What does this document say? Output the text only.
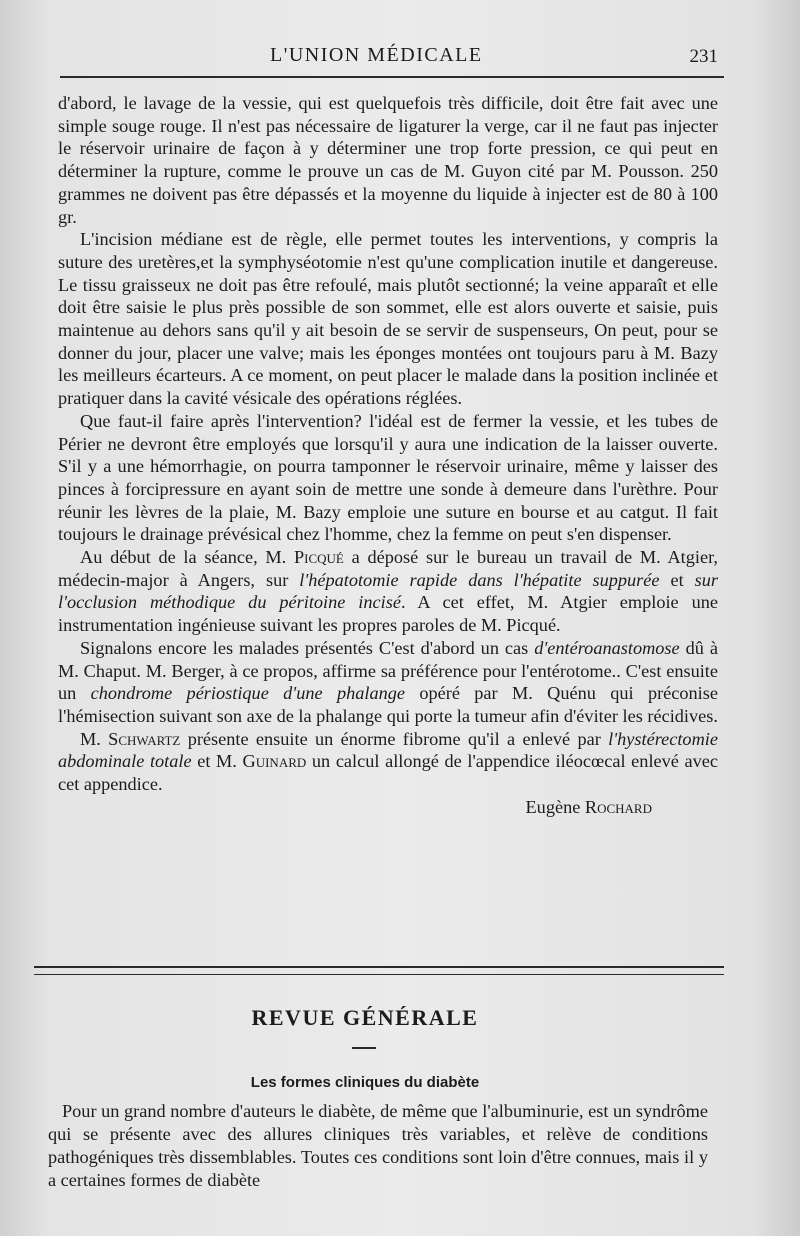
L'UNION MÉDICALE	231

d'abord, le lavage de la vessie, qui est quelquefois très difficile, doit être fait avec une simple souge rouge. Il n'est pas nécessaire de ligaturer la verge, car il ne faut pas injecter le réservoir urinaire de façon à y déterminer une trop forte pression, ce qui peut en déterminer la rupture, comme le prouve un cas de M. Guyon cité par M. Pousson. 250 grammes ne doivent pas être dépassés et la moyenne du liquide à injecter est de 80 à 100 gr.

L'incision médiane est de règle, elle permet toutes les interventions, y compris la suture des uretères,et la symphyséotomie n'est qu'une complication inutile et dangereuse. Le tissu graisseux ne doit pas être refoulé, mais plutôt sectionné; la veine apparaît et elle doit être saisie le plus près possible de son sommet, elle est alors ouverte et saisie, puis maintenue au dehors sans qu'il y ait besoin de se servir de suspenseurs, On peut, pour se donner du jour, placer une valve; mais les éponges montées ont toujours paru à M. Bazy les meilleurs écarteurs. A ce moment, on peut placer le malade dans la position inclinée et pratiquer dans la cavité vésicale des opérations réglées.

Que faut-il faire après l'intervention? l'idéal est de fermer la vessie, et les tubes de Périer ne devront être employés que lorsqu'il y aura une indication de la laisser ouverte. S'il y a une hémorrhagie, on pourra tamponner le réservoir urinaire, même y laisser des pinces à forcipressure en ayant soin de mettre une sonde à demeure dans l'urèthre. Pour réunir les lèvres de la plaie, M. Bazy emploie une suture en bourse et au catgut. Il fait toujours le drainage prévésical chez l'homme, chez la femme on peut s'en dispenser.

Au début de la séance, M. Picqué a déposé sur le bureau un travail de M. Atgier, médecin-major à Angers, sur l'hépatotomie rapide dans l'hépatite suppurée et sur l'occlusion méthodique du péritoine incisé. A cet effet, M. Atgier emploie une instrumentation ingénieuse suivant les propres paroles de M. Picqué.

Signalons encore les malades présentés C'est d'abord un cas d'entéroanastomose dû à M. Chaput. M. Berger, à ce propos, affirme sa préférence pour l'entérotome.. C'est ensuite un chondrome périostique d'une phalange opéré par M. Quénu qui préconise l'hémisection suivant son axe de la phalange qui porte la tumeur afin d'éviter les récidives.

M. Schwartz présente ensuite un énorme fibrome qu'il a enlevé par l'hystérectomie abdominale totale et M. Guinard un calcul allongé de l'appendice iléocœcal enlevé avec cet appendice.

Eugène Rochard

REVUE GÉNÉRALE
Les formes cliniques du diabète

Pour un grand nombre d'auteurs le diabète, de même que l'albuminurie, est un syndrôme qui se présente avec des allures cliniques très variables, et relève de conditions pathogéniques très dissemblables. Toutes ces conditions sont loin d'être connues, mais il y a certaines formes de diabète
